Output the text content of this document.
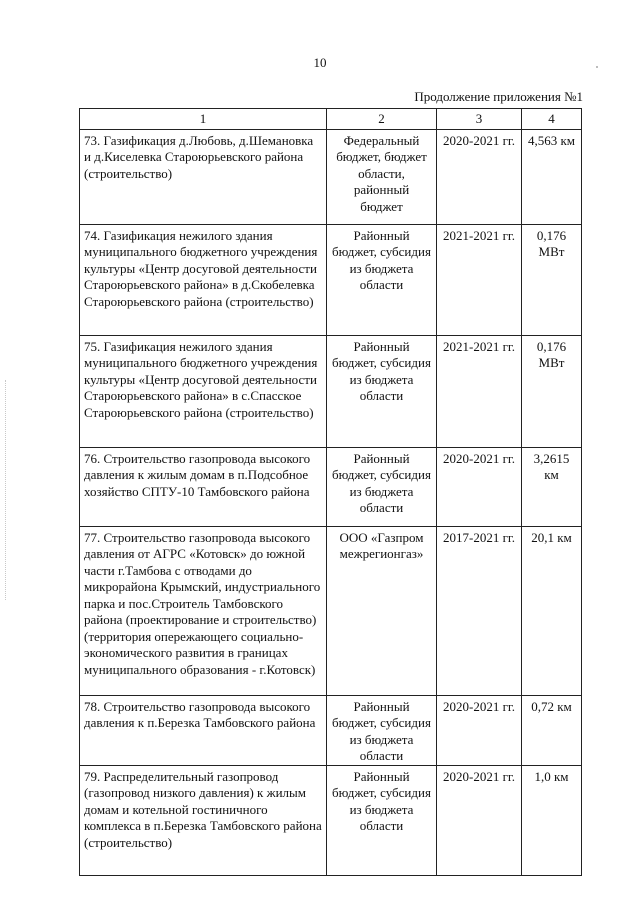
10
Продолжение приложения №1
1	2	3	4
73. Газификация д.Любовь, д.Шемановка и д.Киселевка Староюрьевского района (строительство)	Федеральный бюджет, бюджет области, районный бюджет	2020-2021 гг.	4,563 км
74. Газификация нежилого здания муниципального бюджетного учреждения культуры «Центр досуговой деятельности Староюрьевского района» в д.Скобелевка Староюрьевского района (строительство)	Районный бюджет, субсидия из бюджета области	2021-2021 гг.	0,176 МВт
75. Газификация нежилого здания муниципального бюджетного учреждения культуры «Центр досуговой деятельности Староюрьевского района» в с.Спасское Староюрьевского района (строительство)	Районный бюджет, субсидия из бюджета области	2021-2021 гг.	0,176 МВт
76. Строительство газопровода высокого давления к жилым домам в п.Подсобное хозяйство СПТУ-10 Тамбовского района	Районный бюджет, субсидия из бюджета области	2020-2021 гг.	3,2615 км
77. Строительство газопровода высокого давления от АГРС «Котовск» до южной части г.Тамбова с отводами до микрорайона Крымский, индустриального парка и пос.Строитель Тамбовского района (проектирование и строительство) (территория опережающего социально-экономического развития в границах муниципального образования - г.Котовск)	ООО «Газпром межрегионгаз»	2017-2021 гг.	20,1 км
78. Строительство газопровода высокого давления к п.Березка Тамбовского района	Районный бюджет, субсидия из бюджета области	2020-2021 гг.	0,72 км
79. Распределительный газопровод (газопровод низкого давления) к жилым домам и котельной гостиничного комплекса в п.Березка Тамбовского района (строительство)	Районный бюджет, субсидия из бюджета области	2020-2021 гг.	1,0 км
